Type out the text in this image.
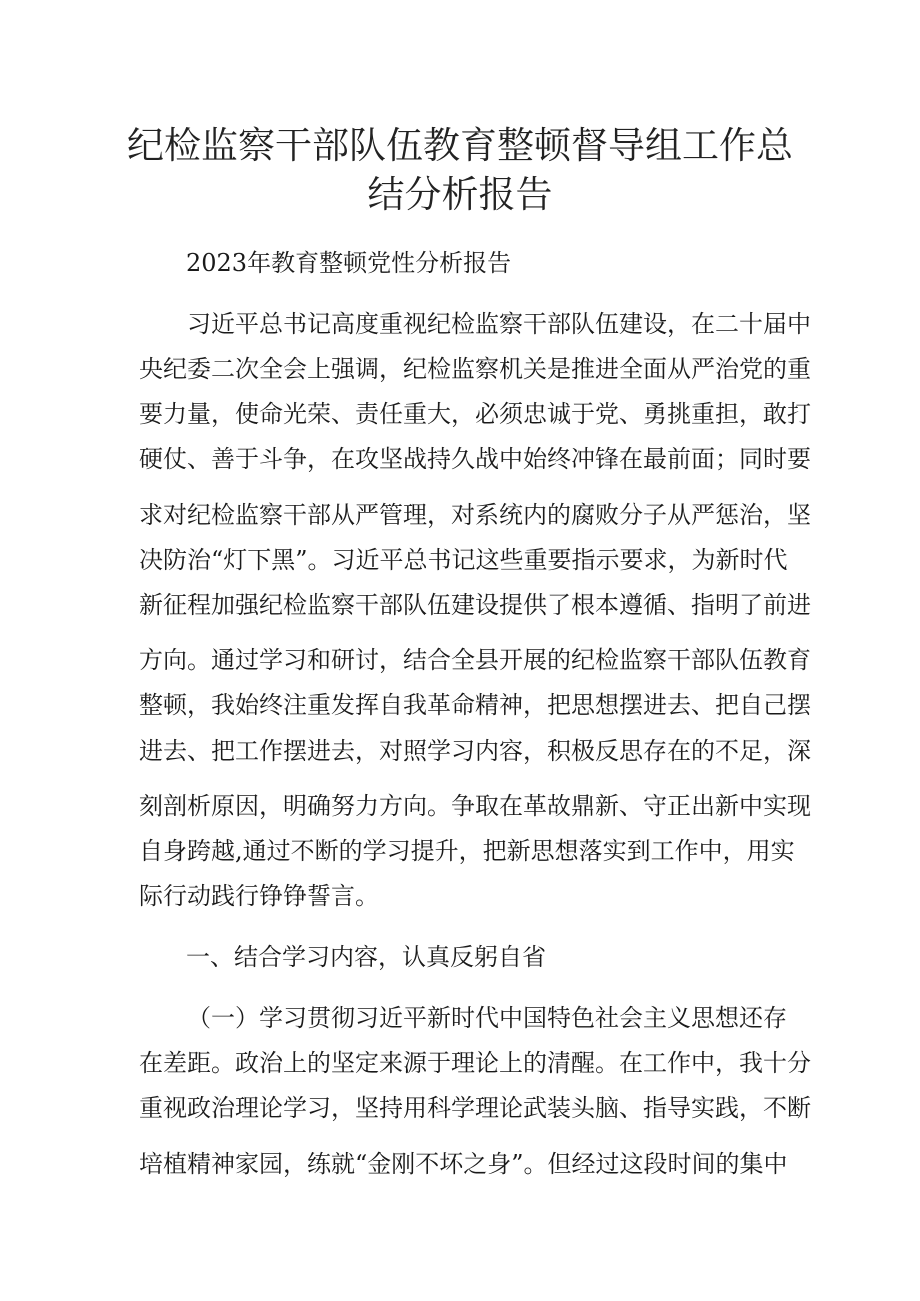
纪检监察干部队伍教育整顿督导组工作总
结分析报告

2023年教育整顿党性分析报告

习近平总书记高度重视纪检监察干部队伍建设，在二十届中

央纪委二次全会上强调，纪检监察机关是推进全面从严治党的重

要力量，使命光荣、责任重大，必须忠诚于党、勇挑重担，敢打

硬仗、善于斗争，在攻坚战持久战中始终冲锋在最前面；同时要

求对纪检监察干部从严管理，对系统内的腐败分子从严惩治，坚

决防治“灯下黑”。习近平总书记这些重要指示要求，为新时代

新征程加强纪检监察干部队伍建设提供了根本遵循、指明了前进

方向。通过学习和研讨，结合全县开展的纪检监察干部队伍教育

整顿，我始终注重发挥自我革命精神，把思想摆进去、把自己摆

进去、把工作摆进去，对照学习内容，积极反思存在的不足，深

刻剖析原因，明确努力方向。争取在革故鼎新、守正出新中实现

自身跨越,通过不断的学习提升，把新思想落实到工作中，用实

际行动践行铮铮誓言。

一、结合学习内容，认真反躬自省

（一）学习贯彻习近平新时代中国特色社会主义思想还存

在差距。政治上的坚定来源于理论上的清醒。在工作中，我十分

重视政治理论学习，坚持用科学理论武装头脑、指导实践，不断

培植精神家园，练就“金刚不坏之身”。但经过这段时间的集中
